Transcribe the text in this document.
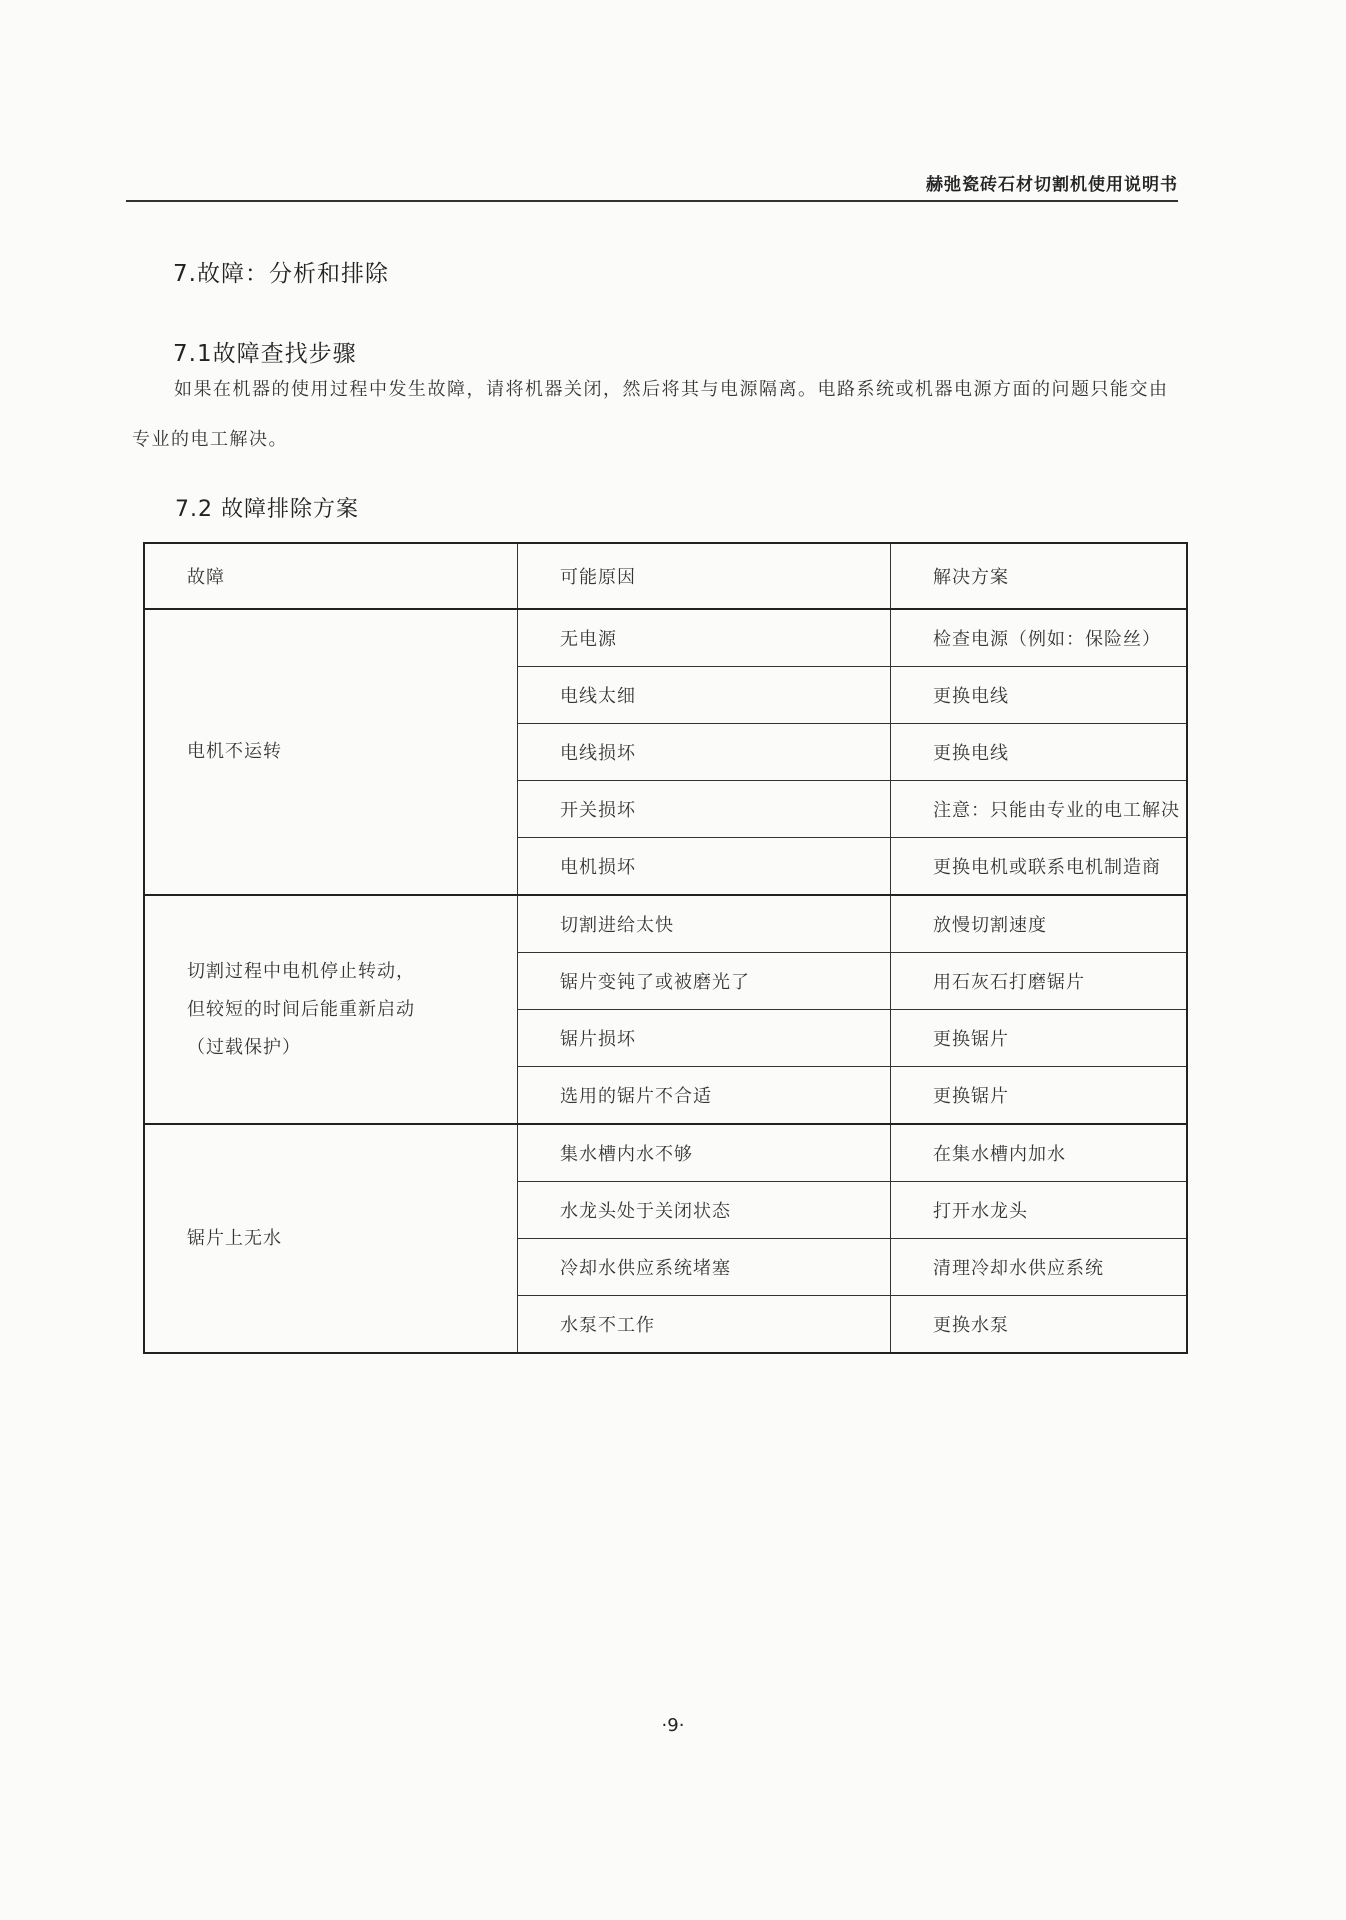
赫弛瓷砖石材切割机使用说明书
7.故障：分析和排除
7.1故障查找步骤
如果在机器的使用过程中发生故障，请将机器关闭，然后将其与电源隔离。电路系统或机器电源方面的问题只能交由专业的电工解决。
7.2 故障排除方案
故障	可能原因	解决方案
电机不运转	无电源	检查电源（例如：保险丝）
	电线太细	更换电线
	电线损坏	更换电线
	开关损坏	注意：只能由专业的电工解决
	电机损坏	更换电机或联系电机制造商

切割过程中电机停止转动，
但较短的时间后能重新启动
（过载保护）	切割进给太快	放慢切割速度
	锯片变钝了或被磨光了	用石灰石打磨锯片
	锯片损坏	更换锯片
	选用的锯片不合适	更换锯片
锯片上无水	集水槽内水不够	在集水槽内加水
	水龙头处于关闭状态	打开水龙头
	冷却水供应系统堵塞	清理冷却水供应系统
	水泵不工作	更换水泵
·9·
